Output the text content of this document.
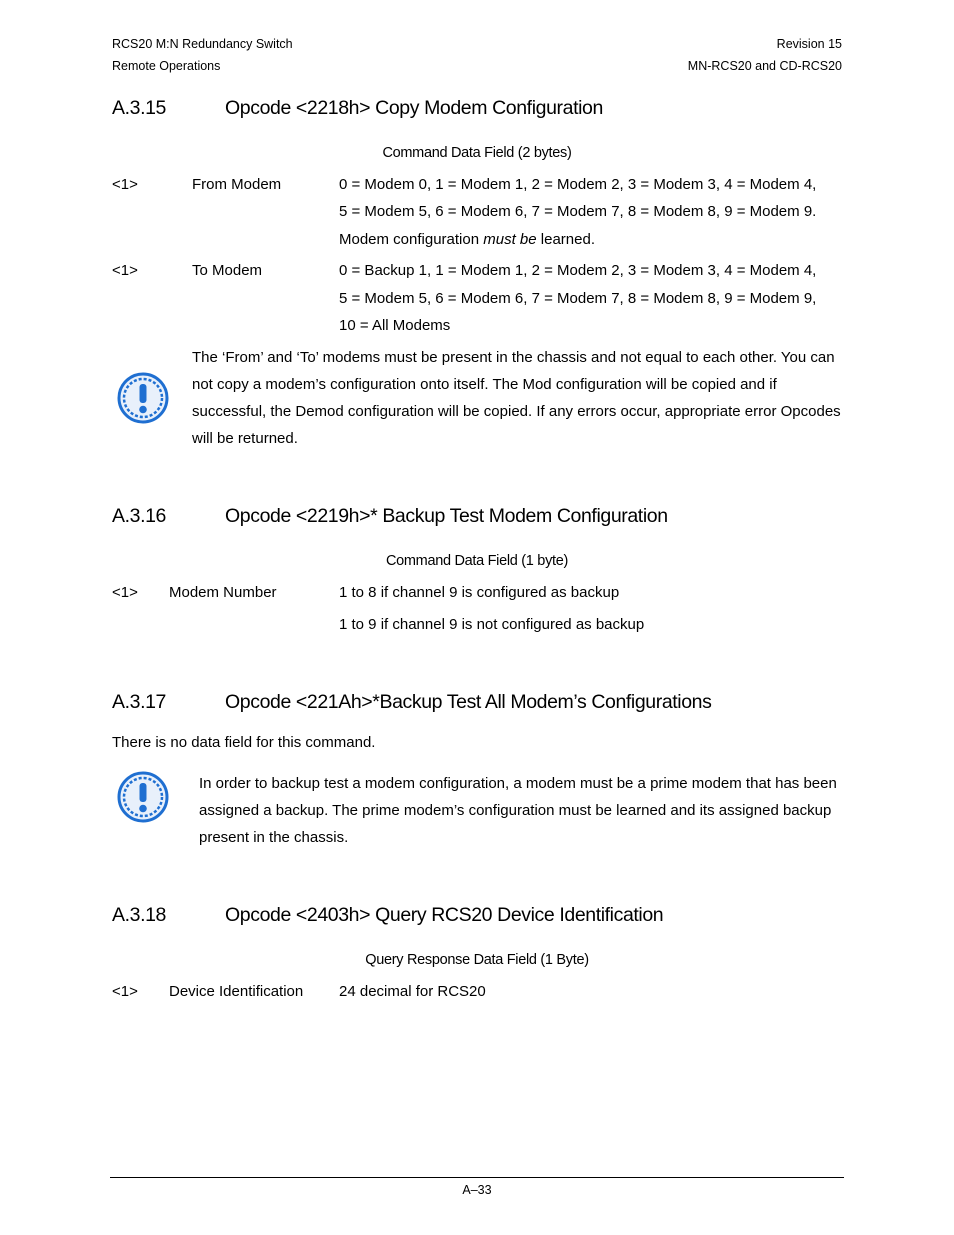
RCS20 M:N Redundancy Switch
Remote Operations
Revision 15
MN-RCS20 and CD-RCS20
A.3.15	Opcode <2218h> Copy Modem Configuration
Command Data Field (2 bytes)
<1>	From Modem	0 = Modem 0, 1 = Modem 1, 2 = Modem 2, 3 = Modem 3, 4 = Modem 4,
5 = Modem 5, 6 = Modem 6, 7 = Modem 7, 8 = Modem 8, 9 = Modem 9.
Modem configuration must be learned.
<1>	To Modem	0 = Backup 1, 1 = Modem 1, 2 = Modem 2, 3 = Modem 3, 4 = Modem 4,
5 = Modem 5, 6 = Modem 6, 7 = Modem 7, 8 = Modem 8, 9 = Modem 9,
10 = All Modems
The ‘From’ and ‘To’ modems must be present in the chassis and not equal to each other. You can not copy a modem’s configuration onto itself. The Mod configuration will be copied and if successful, the Demod configuration will be copied. If any errors occur, appropriate error Opcodes will be returned.
A.3.16	Opcode <2219h>* Backup Test Modem Configuration
Command Data Field (1 byte)
<1> Modem Number	1 to 8 if channel 9 is configured as backup
1 to 9 if channel 9 is not configured as backup
A.3.17	Opcode <221Ah>*Backup Test All Modem’s Configurations
There is no data field for this command.
In order to backup test a modem configuration, a modem must be a prime modem that has been assigned a backup. The prime modem’s configuration must be learned and its assigned backup present in the chassis.
A.3.18	Opcode <2403h> Query RCS20 Device Identification
Query Response Data Field (1 Byte)
<1> Device Identification 24 decimal for RCS20
A–33
